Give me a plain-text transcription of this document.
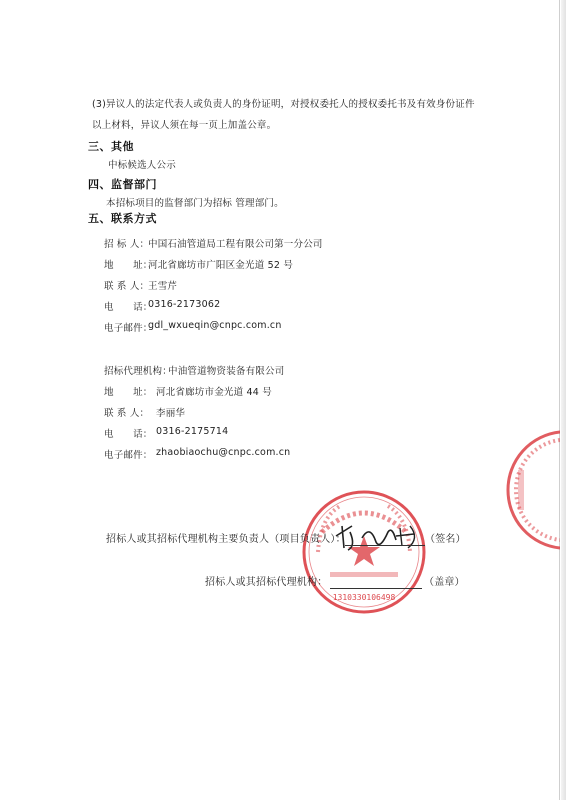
(3)异议人的法定代表人或负责人的身份证明，对授权委托人的授权委托书及有效身份证件
以上材料，异议人须在每一页上加盖公章。
三、其他
中标候选人公示
四、监督部门
本招标项目的监督部门为招标 管理部门。
五、联系方式
招 标 人：
中国石油管道局工程有限公司第一分公司
地　　址：
河北省廊坊市广阳区金光道 52 号
联 系 人：
王雪芹
电　　话：
0316-2173062
电子邮件：
gdl_wxueqin@cnpc.com.cn
招标代理机构：
中油管道物资装备有限公司
地　　址： 河北省廊坊市金光道 44 号
联 系 人： 李丽华
电　　话： 0316-2175714
电子邮件： zhaobiaochu@cnpc.com.cn
1310330106498
招标人或其招标代理机构主要负责人（项目负责人）：	（签名）
招标人或其招标代理机构：	（盖章）
